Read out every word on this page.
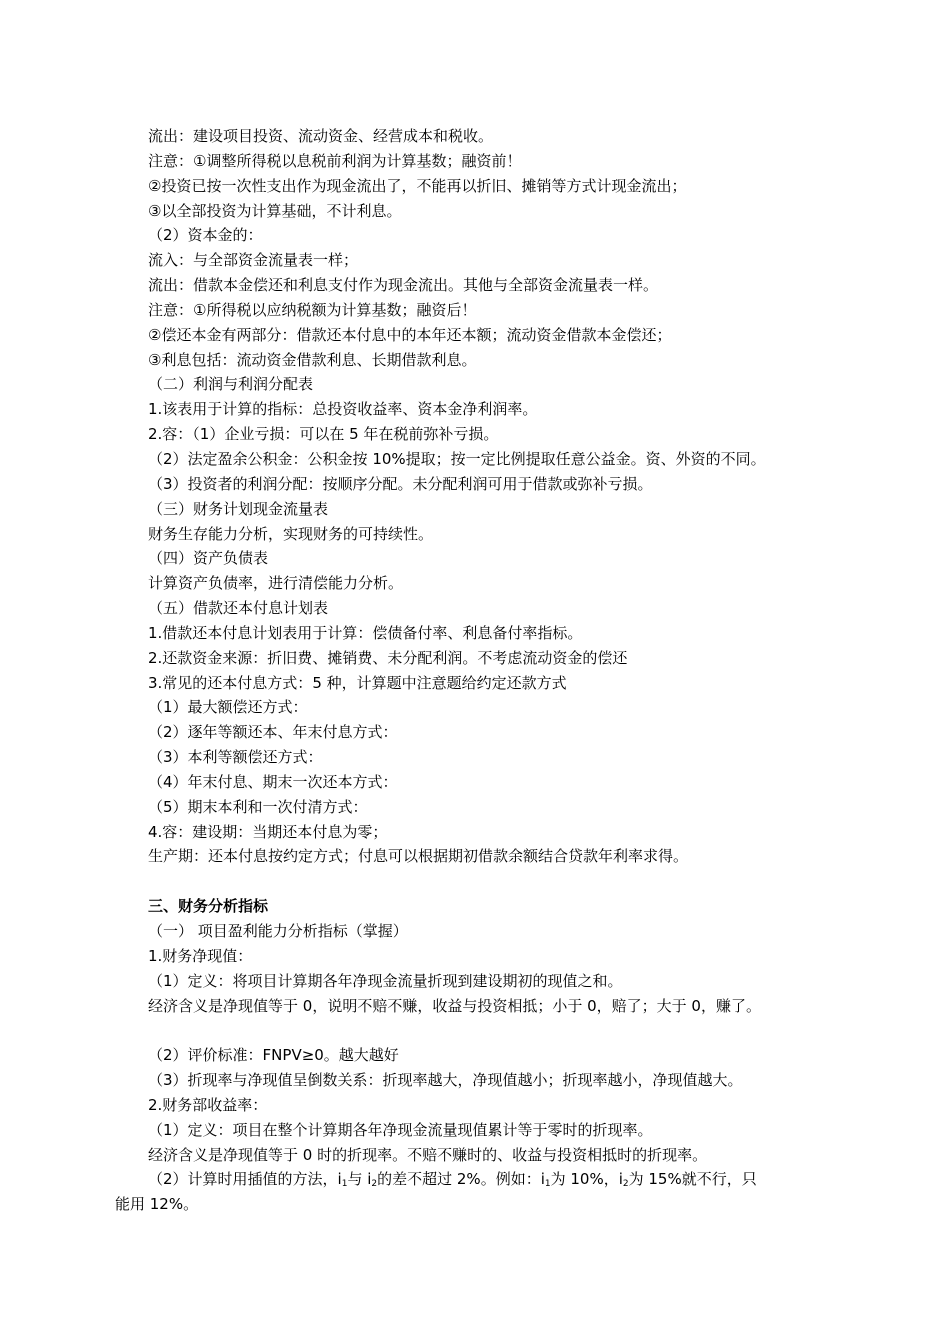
流出：建设项目投资、流动资金、经营成本和税收。
注意：①调整所得税以息税前利润为计算基数；融资前！
②投资已按一次性支出作为现金流出了，不能再以折旧、摊销等方式计现金流出；
③以全部投资为计算基础，不计利息。
（2）资本金的：
流入：与全部资金流量表一样；
流出：借款本金偿还和利息支付作为现金流出。其他与全部资金流量表一样。
注意：①所得税以应纳税额为计算基数；融资后！
②偿还本金有两部分：借款还本付息中的本年还本额；流动资金借款本金偿还；
③利息包括：流动资金借款利息、长期借款利息。
（二）利润与利润分配表
1.该表用于计算的指标：总投资收益率、资本金净利润率。
2.容：（1）企业亏损：可以在 5 年在税前弥补亏损。
（2）法定盈余公积金：公积金按 10%提取；按一定比例提取任意公益金。资、外资的不同。
（3）投资者的利润分配：按顺序分配。未分配利润可用于借款或弥补亏损。
（三）财务计划现金流量表
财务生存能力分析，实现财务的可持续性。
（四）资产负债表
计算资产负债率，进行清偿能力分析。
（五）借款还本付息计划表
1.借款还本付息计划表用于计算：偿债备付率、利息备付率指标。
2.还款资金来源：折旧费、摊销费、未分配利润。不考虑流动资金的偿还
3.常见的还本付息方式：5 种，计算题中注意题给约定还款方式
（1）最大额偿还方式：
（2）逐年等额还本、年末付息方式：
（3）本利等额偿还方式：
（4）年末付息、期末一次还本方式：
（5）期末本利和一次付清方式：
4.容：建设期：当期还本付息为零；
生产期：还本付息按约定方式；付息可以根据期初借款余额结合贷款年利率求得。
三、财务分析指标
（一） 项目盈利能力分析指标（掌握）
1.财务净现值：
（1）定义：将项目计算期各年净现金流量折现到建设期初的现值之和。
经济含义是净现值等于 0，说明不赔不赚，收益与投资相抵；小于 0，赔了；大于 0，赚了。
（2）评价标准：FNPV≥0。越大越好
（3）折现率与净现值呈倒数关系：折现率越大，净现值越小；折现率越小，净现值越大。
2.财务部收益率：
（1）定义：项目在整个计算期各年净现金流量现值累计等于零时的折现率。
经济含义是净现值等于 0 时的折现率。不赔不赚时的、收益与投资相抵时的折现率。
（2）计算时用插值的方法，$i_1$与 $i_2$的差不超过 2%。例如：$i_1$为 10%，$i_2$为 15%就不行，只
能用 12%。
